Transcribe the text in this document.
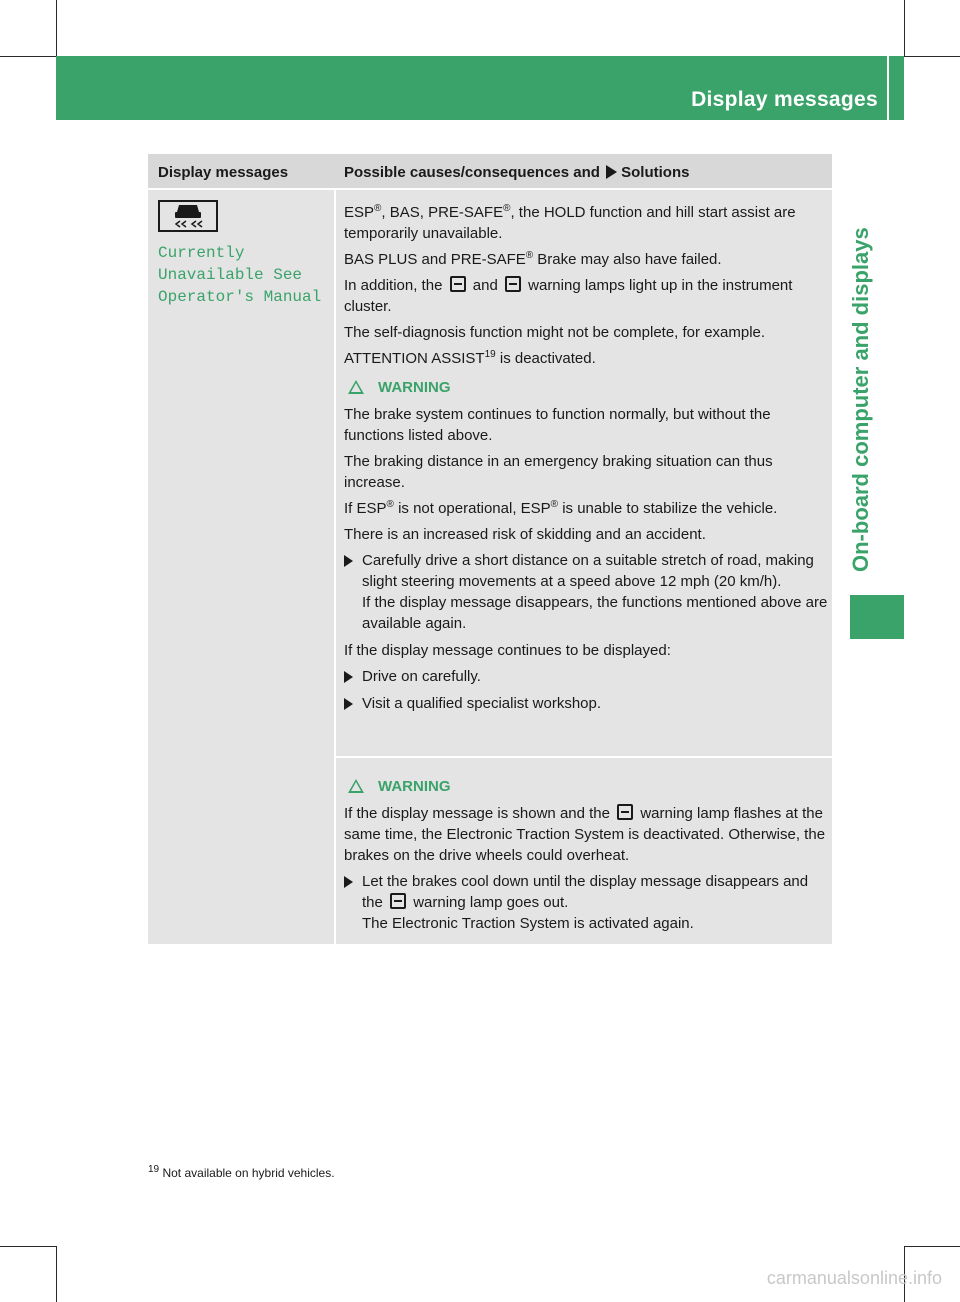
Display messages	393
On-board computer and displays
Display messages	Possible causes/consequences and Solutions
Currently
Unavailable See
Operator's Manual

ESP®, BAS, PRE-SAFE®, the HOLD function and hill start assist are temporarily unavailable.

BAS PLUS and PRE-SAFE® Brake may also have failed.

In addition, the and warning lamps light up in the instrument cluster.

The self-diagnosis function might not be complete, for example.

ATTENTION ASSIST$^{19}$ is deactivated.

WARNING

The brake system continues to function normally, but without the functions listed above.

The braking distance in an emergency braking situation can thus increase.

If ESP® is not operational, ESP® is unable to stabilize the vehicle.

There is an increased risk of skidding and an accident.

Carefully drive a short distance on a suitable stretch of road, making slight steering movements at a speed above 12 mph (20 km/h).
If the display message disappears, the functions mentioned above are available again.

If the display message continues to be displayed:

Drive on carefully.
Visit a qualified specialist workshop.
WARNING

If the display message is shown and the warning lamp flashes at the same time, the Electronic Traction System is deactivated. Otherwise, the brakes on the drive wheels could overheat.

Let the brakes cool down until the display message disappears and the warning lamp goes out.
The Electronic Traction System is activated again.
$^{19}$ Not available on hybrid vehicles.
carmanualsonline.info
